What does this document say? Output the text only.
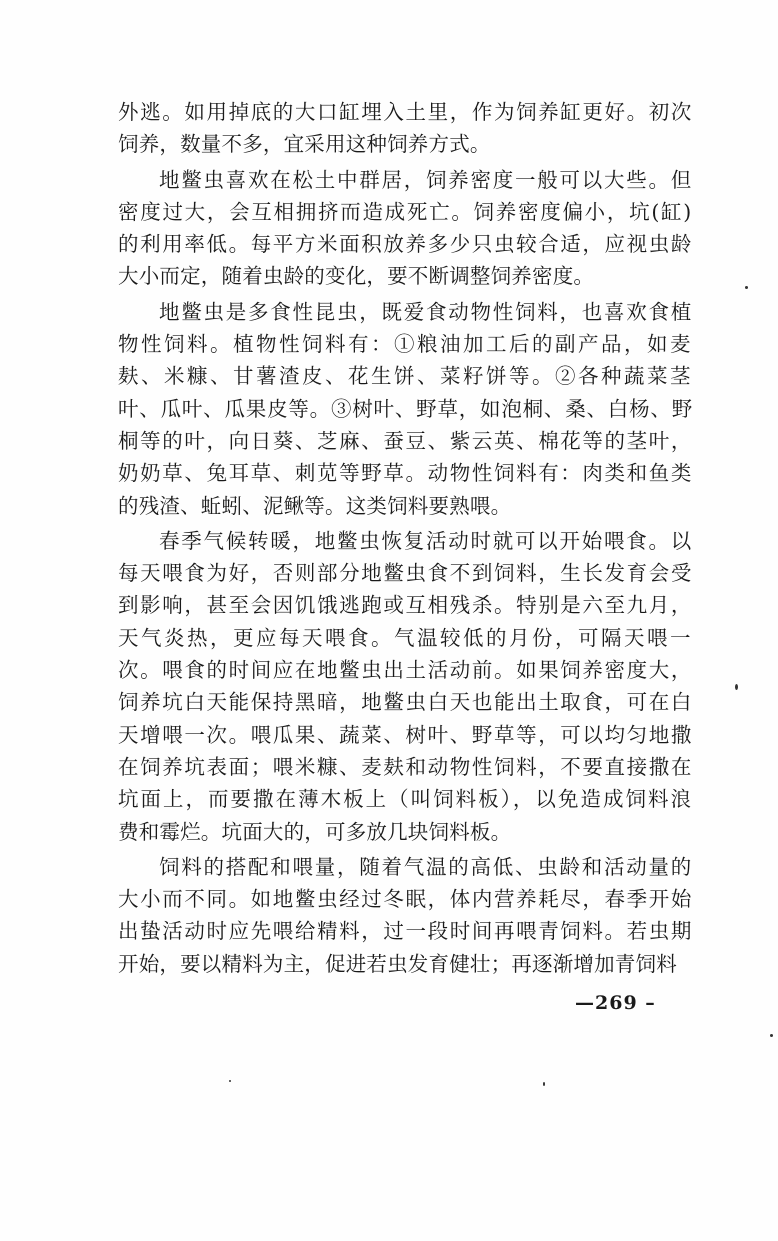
外逃。如用掉底的大口缸埋入土里，作为饲养缸更好。初次
饲养，数量不多，宜采用这种饲养方式。
地鳖虫喜欢在松土中群居，饲养密度一般可以大些。但
密度过大，会互相拥挤而造成死亡。饲养密度偏小，坑(缸)
的利用率低。每平方米面积放养多少只虫较合适，应视虫龄
大小而定，随着虫龄的变化，要不断调整饲养密度。
地鳖虫是多食性昆虫，既爱食动物性饲料，也喜欢食植
物性饲料。植物性饲料有：①粮油加工后的副产品，如麦
麸、米糠、甘薯渣皮、花生饼、菜籽饼等。②各种蔬菜茎
叶、瓜叶、瓜果皮等。③树叶、野草，如泡桐、桑、白杨、野
桐等的叶，向日葵、芝麻、蚕豆、紫云英、棉花等的茎叶，
奶奶草、兔耳草、刺苋等野草。动物性饲料有：肉类和鱼类
的残渣、蚯蚓、泥鳅等。这类饲料要熟喂。
春季气候转暖，地鳖虫恢复活动时就可以开始喂食。以
每天喂食为好，否则部分地鳖虫食不到饲料，生长发育会受
到影响，甚至会因饥饿逃跑或互相残杀。特别是六至九月，
天气炎热，更应每天喂食。气温较低的月份，可隔天喂一
次。喂食的时间应在地鳖虫出土活动前。如果饲养密度大，
饲养坑白天能保持黑暗，地鳖虫白天也能出土取食，可在白
天增喂一次。喂瓜果、蔬菜、树叶、野草等，可以均匀地撒
在饲养坑表面；喂米糠、麦麸和动物性饲料，不要直接撒在
坑面上，而要撒在薄木板上（叫饲料板），以免造成饲料浪
费和霉烂。坑面大的，可多放几块饲料板。
饲料的搭配和喂量，随着气温的高低、虫龄和活动量的
大小而不同。如地鳖虫经过冬眠，体内营养耗尽，春季开始
出蛰活动时应先喂给精料，过一段时间再喂青饲料。若虫期
开始，要以精料为主，促进若虫发育健壮；再逐渐增加青饲料
—269 –
